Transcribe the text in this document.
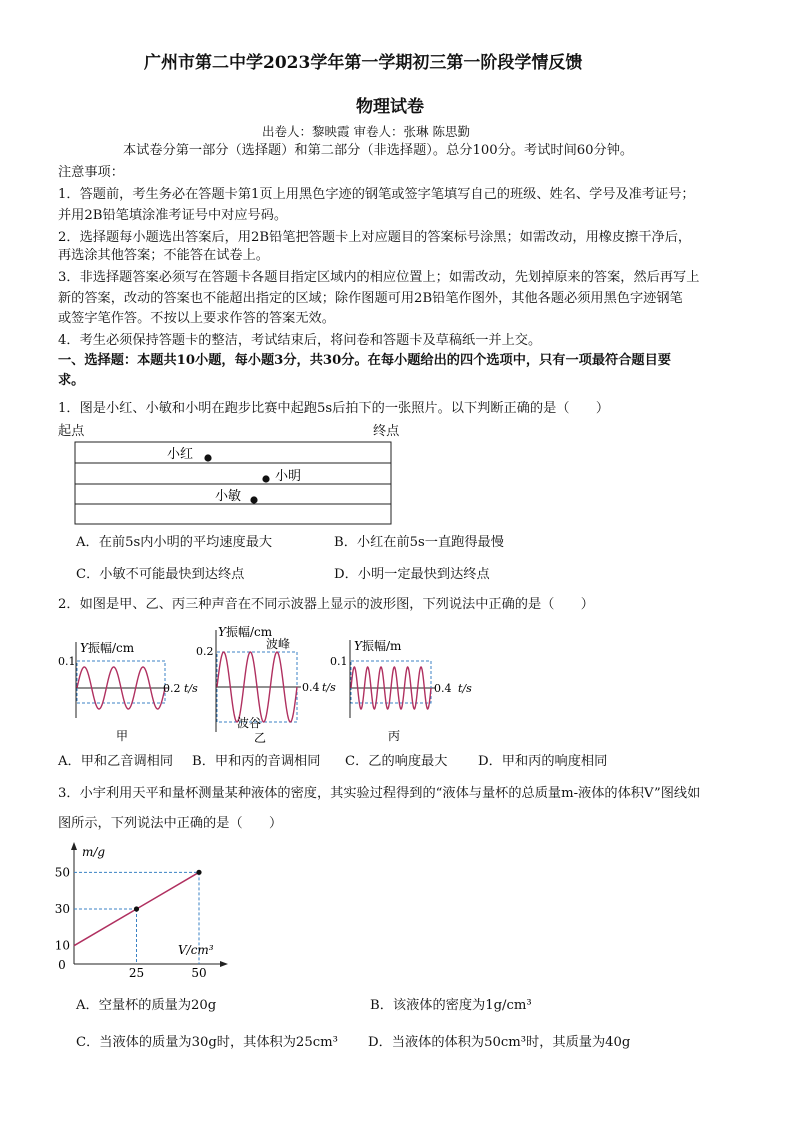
广州市第二中学2023学年第一学期初三第一阶段学情反馈
物理试卷
出卷人：黎映霞 审卷人：张琳 陈思勤
本试卷分第一部分（选择题）和第二部分（非选择题）。总分100分。考试时间60分钟。
注意事项：
1．答题前，考生务必在答题卡第1页上用黑色字迹的钢笔或签字笔填写自己的班级、姓名、学号及准考证号；
并用2B铅笔填涂准考证号中对应号码。
2．选择题每小题选出答案后，用2B铅笔把答题卡上对应题目的答案标号涂黑；如需改动，用橡皮擦干净后，
再选涂其他答案；不能答在试卷上。
3．非选择题答案必须写在答题卡各题目指定区域内的相应位置上；如需改动，先划掉原来的答案，然后再写上
新的答案，改动的答案也不能超出指定的区域；除作图题可用2B铅笔作图外，其他各题必须用黑色字迹钢笔
或签字笔作答。不按以上要求作答的答案无效。
4．考生必须保持答题卡的整洁，考试结束后，将问卷和答题卡及草稿纸一并上交。
一、选择题：本题共10小题，每小题3分，共30分。在每小题给出的四个选项中，只有一项最符合题目要
求。
1．图是小红、小敏和小明在跑步比赛中起跑5s后拍下的一张照片。以下判断正确的是（　　）
起点	终点
小红
小明
小敏
A．在前5s内小明的平均速度最大	B．小红在前5s一直跑得最慢
C．小敏不可能最快到达终点	D．小明一定最快到达终点
2．如图是甲、乙、丙三种声音在不同示波器上显示的波形图，下列说法中正确的是（　　）
Y 振幅/cm
0.1
0.2 t/s
甲
Y 振幅/cm
0.2
波峰
波谷
0.4 t/s
乙
Y 振幅/m
0.1
0.4 t/s
丙
A．甲和乙音调相同 B．甲和丙的音调相同 C．乙的响度最大 D．甲和丙的响度相同
3．小宇利用天平和量杯测量某种液体的密度，其实验过程得到的“液体与量杯的总质量m-液体的体积V”图线如
图所示，下列说法中正确的是（　　）
10
30
50
0
25	50
m/g
V/cm³
A．空量杯的质量为20g	B．该液体的密度为1g/cm³
C．当液体的质量为30g时，其体积为25cm³ D．当液体的体积为50cm³时，其质量为40g
